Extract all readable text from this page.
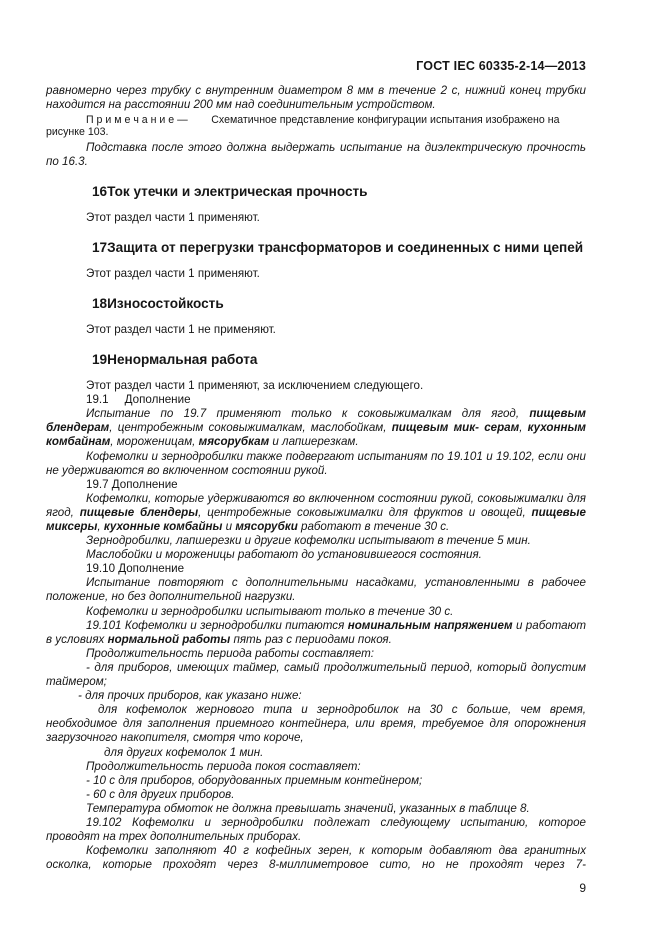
ГОСТ IEC 60335-2-14—2013

равномерно через трубку с внутренним диаметром 8 мм в течение 2 с, нижний конец трубки находится на расстоянии 200 мм над соединительным устройством.

П р и м е ч а н и е —        Схематичное представление конфигурации испытания изображено на рисунке 103.

Подставка после этого должна выдержать испытание на диэлектрическую прочность по 16.3.

16Ток утечки и электрическая прочность

Этот раздел части 1 применяют.

17Защита от перегрузки трансформаторов и соединенных с ними цепей

Этот раздел части 1 применяют.

18Износостойкость

Этот раздел части 1 не применяют.

19Ненормальная работа

Этот раздел части 1 применяют, за исключением следующего.

19.1     Дополнение

Испытание по 19.7 применяют только к соковыжималкам для ягод, пищевым блендерам, центробежным соковыжималкам, маслобойкам, пищевым мик- серам, кухонным комбайнам, мороженицам, мясорубкам и лапшерезкам.

Кофемолки и зернодробилки также подвергают испытаниям по 19.101 и 19.102, если они не удерживаются во включенном состоянии рукой.

19.7 Дополнение

Кофемолки, которые удерживаются во включенном состоянии рукой, соковыжималки для ягод, пищевые блендеры, центробежные соковыжималки для фруктов и овощей, пищевые миксеры, кухонные комбайны и мясорубки работают в течение 30 с.

Зернодробилки, лапшерезки и другие кофемолки испытывают в течение 5 мин.

Маслобойки и мороженицы работают до установившегося состояния.

19.10 Дополнение

Испытание повторяют с дополнительными насадками, установленными в рабочее положение, но без дополнительной нагрузки.

Кофемолки и зернодробилки испытывают только в течение 30 с.

19.101 Кофемолки и зернодробилки питаются номинальным напряжением и работают в условиях нормальной работы пять раз с периодами покоя.

Продолжительность периода работы составляет:

- для приборов, имеющих таймер, самый продолжительный период, который допустим таймером;

- для прочих приборов, как указано ниже:

для кофемолок жернового типа и зернодробилок на 30 с больше, чем время, необходимое для заполнения приемного контейнера, или время, требуемое для опорожнения загрузочного накопителя, смотря что короче,

для других кофемолок 1 мин.

Продолжительность периода покоя составляет:

- 10 с для приборов, оборудованных приемным контейнером;

- 60 с для других приборов.

Температура обмоток не должна превышать значений, указанных в таблице 8.

19.102 Кофемолки и зернодробилки подлежат следующему испытанию, которое проводят на трех дополнительных приборах.

Кофемолки заполняют 40 г кофейных зерен, к которым добавляют два гранитных осколка, которые проходят через 8-миллиметровое сито, но не проходят через 7-

9
